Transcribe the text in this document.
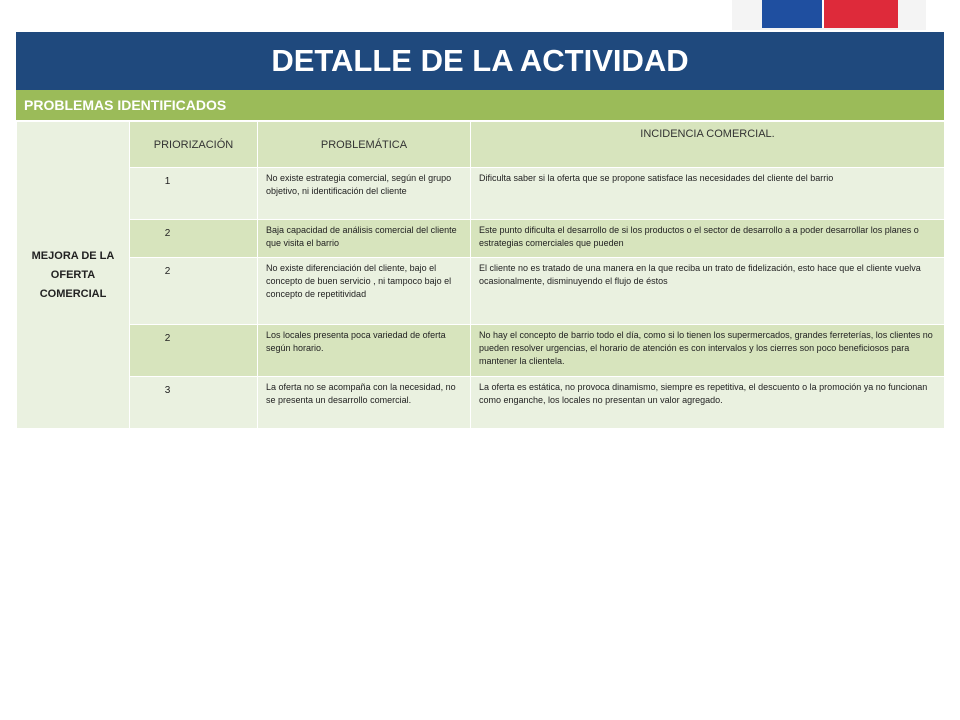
DETALLE DE LA ACTIVIDAD
PROBLEMAS IDENTIFICADOS
MEJORA DE LA OFERTA COMERCIAL	PRIORIZACIÓN	PROBLEMÁTICA	INCIDENCIA COMERCIAL.
	1	No existe estrategia comercial, según el grupo objetivo, ni identificación del cliente	Dificulta saber si la oferta que se propone satisface las necesidades del cliente del barrio
	2	Baja capacidad de análisis comercial del cliente que visita el barrio	Este punto dificulta el desarrollo de si los productos o el sector de desarrollo a a poder desarrollar los planes o estrategias comerciales que pueden
	2	No existe diferenciación del cliente, bajo el concepto de buen servicio , ni tampoco bajo el concepto de repetitividad	El cliente no es tratado de una manera en la que reciba un trato de fidelización, esto hace que el cliente vuelva ocasionalmente, disminuyendo el flujo de éstos
	2	Los locales presenta poca variedad de oferta según horario.	No hay el concepto de barrio todo el día, como si lo tienen los supermercados, grandes ferreterías, los clientes no pueden resolver urgencias, el horario de atención es con intervalos y los cierres son poco beneficiosos para mantener la clientela.
	3	La oferta no se acompaña con la necesidad, no se presenta un desarrollo comercial.	La oferta es estática, no provoca dinamismo, siempre es repetitiva, el descuento o la promoción ya no funcionan como enganche, los locales no presentan un valor agregado.
